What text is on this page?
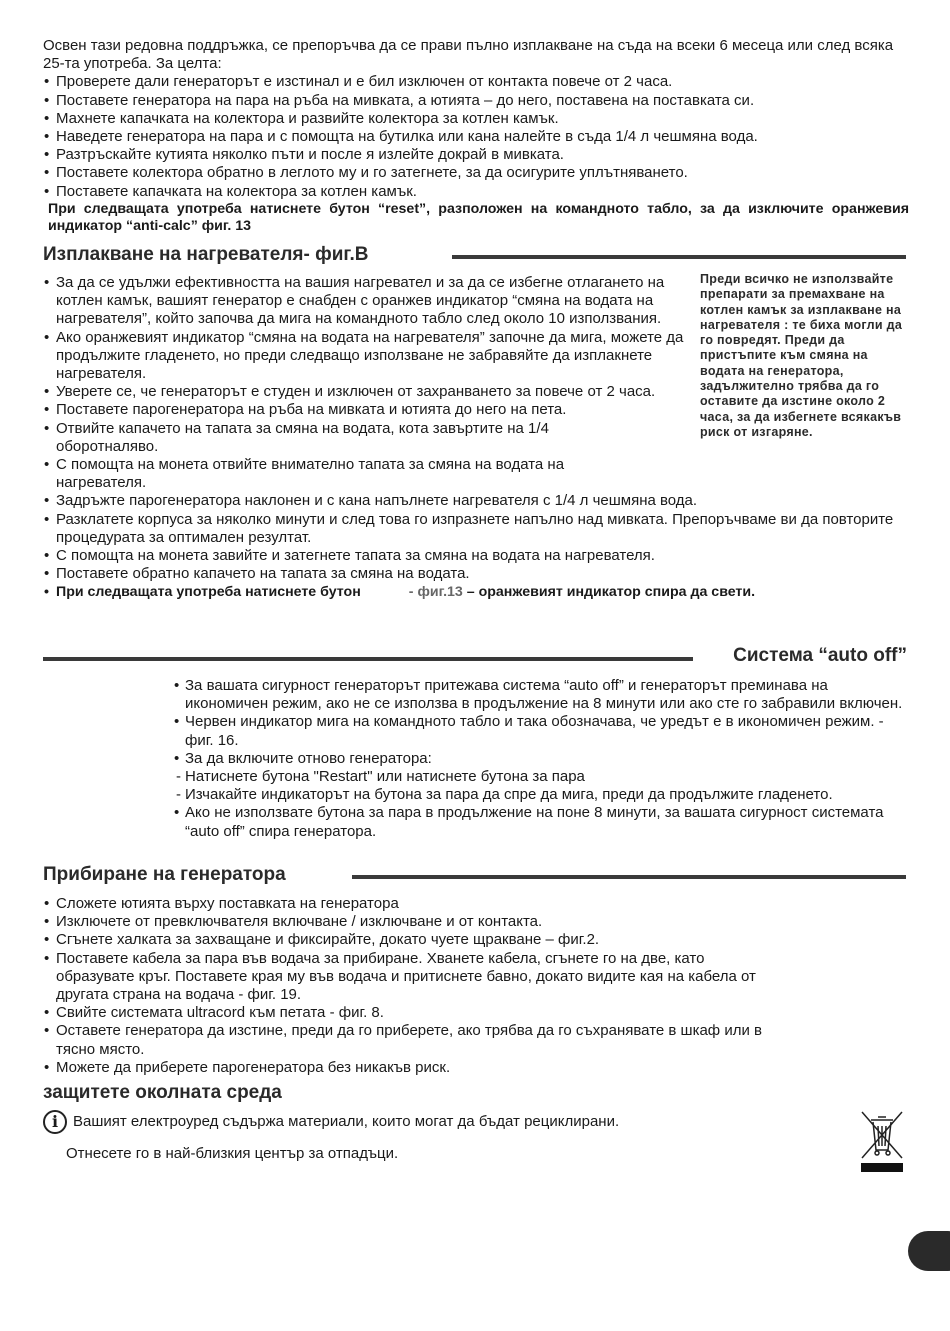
Освен тази редовна поддръжка, се препоръчва да се прави пълно изплакване на съда на всеки 6 месеца или след всяка 25-та употреба. За целта:

• Проверете дали генераторът е изстинал и е бил изключен от контакта повече от 2 часа.
• Поставете генератора на пара на ръба на мивката, а ютията – до него, поставена на поставката си.
• Махнете капачката на колектора и развийте колектора за котлен камък.
• Наведете генератора на пара и с помощта на бутилка или кана налейте в съда 1/4 л чешмяна вода.
• Разтръскайте кутията няколко пъти и после я излейте докрай в мивката.
• Поставете колектора обратно в леглото му и го затегнете, за да осигурите уплътняването.
• Поставете капачката на колектора за котлен камък.

При следващата употреба натиснете бутон “reset”, разположен на командното табло, за да изключите оранжевия индикатор “anti-calc” фиг. 13

Изплакване на нагревателя- фиг.B
• За да се удължи ефективността на вашия нагревател и за да се избегне отлагането на котлен камък, вашият генератор е снабден с оранжев индикатор “смяна на водата на нагревателя”, който започва да мига на командното табло след около 10 използвания.
• Ако оранжевият индикатор “смяна на водата на нагревателя” започне да мига, можете да продължите гладенето, но преди следващо използване не забравяйте да изплакнете нагревателя.
• Уверете се, че генераторът е студен и изключен от захранването за повече от 2 часа.
• Поставете парогенератора на ръба на мивката и ютията до него на пета.
• Отвийте капачето на тапата за смяна на водата, кота завъртите на 1/4 оборотналяво.
• С помощта на монета отвийте внимателно тапата за смяна на водата на нагревателя.
• Задръжте парогенератора наклонен и с кана напълнете нагревателя с 1/4 л чешмяна вода.
• Разклатете корпуса за няколко минути и след това го изпразнете напълно над мивката. Препоръчваме ви да повторите процедурата за оптимален резултат.
• С помощта на монета завийте и затегнете тапата за смяна на водата на нагревателя.
• Поставете обратно капачето на тапата за смяна на водата.
• При следващата употреба натиснете бутон	- фиг.13 – оранжевият индикатор спира да свети.
Преди всичко не използвайте препарати за премахване на котлен камък за изплакване на нагревателя : те биха могли да го повредят. Преди да пристъпите към смяна на водата на генератора, задължително трябва да го оставите да изстине около 2 часа, за да избегнете всякакъв риск от изгаряне.
Система “auto off”
• За вашата сигурност генераторът притежава система “auto off” и генераторът преминава на икономичен режим, ако не се използва в продължение на 8 минути или ако сте го забравили включен.
• Червен индикатор мига на командното табло и така обозначава, че уредът е в икономичен режим. - фиг. 16.
• За да включите отново генератора:
- Натиснете бутона "Restart" или натиснете бутона за пара
- Изчакайте индикаторът на бутона за пара да спре да мига, преди да продължите гладенето.
• Ако не използвате бутона за пара в продължение на поне 8 минути, за вашата сигурност системата “auto off” спира генератора.
Прибиране на генератора
• Сложете ютията върху поставката на генератора
• Изключете от превключвателя включване / изключване и от контакта.
• Сгънете халката за захващане и фиксирайте, докато чуете щракване – фиг.2.
• Поставете кабела за пара във водача за прибиране. Хванете кабела, сгънете го на две, като образувате кръг. Поставете края му във водача и притиснете бавно, докато видите кая на кабела от другата страна на водача - фиг. 19.
• Свийте системата ultracord към петата - фиг. 8.
• Оставете генератора да изстине, преди да го приберете, ако трябва да го съхранявате в шкаф или в тясно място.
• Можете да приберете парогенератора без никакъв риск.
защитете околната среда
i Вашият електроуред съдържа материали, които могат да бъдат рециклирани.
Отнесете го в най-близкия център за отпадъци.
